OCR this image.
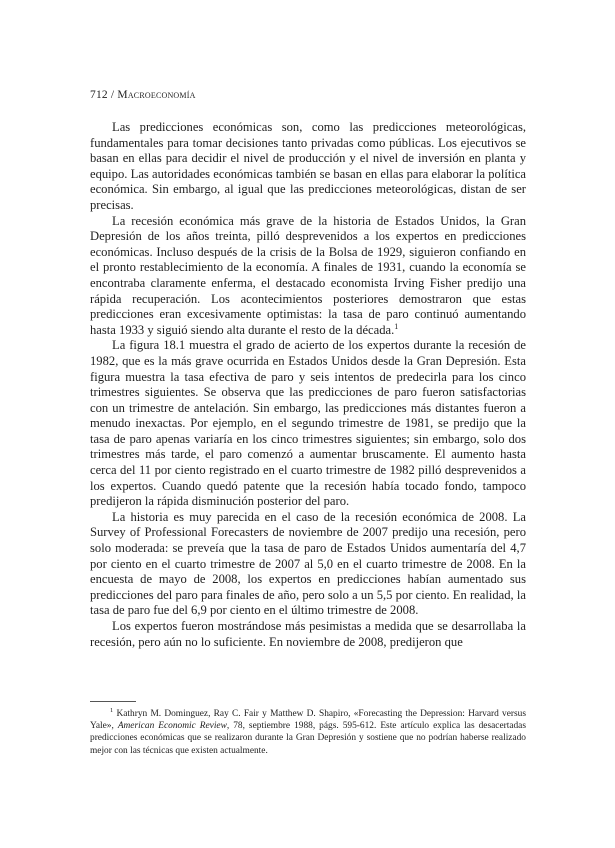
712 / Macroeconomía

Las predicciones económicas son, como las predicciones meteorológicas, fundamentales para tomar decisiones tanto privadas como públicas. Los ejecutivos se basan en ellas para decidir el nivel de producción y el nivel de inversión en planta y equipo. Las autoridades económicas también se basan en ellas para elaborar la política económica. Sin embargo, al igual que las predicciones meteorológicas, distan de ser precisas.

La recesión económica más grave de la historia de Estados Unidos, la Gran Depresión de los años treinta, pilló desprevenidos a los expertos en predicciones económicas. Incluso después de la crisis de la Bolsa de 1929, siguieron confiando en el pronto restablecimiento de la economía. A finales de 1931, cuando la economía se encontraba claramente enferma, el destacado economista Irving Fisher predijo una rápida recuperación. Los acontecimientos posteriores demostraron que estas predicciones eran excesivamente optimistas: la tasa de paro continuó aumentando hasta 1933 y siguió siendo alta durante el resto de la década.$^1$

La figura 18.1 muestra el grado de acierto de los expertos durante la recesión de 1982, que es la más grave ocurrida en Estados Unidos desde la Gran Depresión. Esta figura muestra la tasa efectiva de paro y seis intentos de predecirla para los cinco trimestres siguientes. Se observa que las predicciones de paro fueron satisfactorias con un trimestre de antelación. Sin embargo, las predicciones más distantes fueron a menudo inexactas. Por ejemplo, en el segundo trimestre de 1981, se predijo que la tasa de paro apenas variaría en los cinco trimestres siguientes; sin embargo, solo dos trimestres más tarde, el paro comenzó a aumentar bruscamente. El aumento hasta cerca del 11 por ciento registrado en el cuarto trimestre de 1982 pilló desprevenidos a los expertos. Cuando quedó patente que la recesión había tocado fondo, tampoco predijeron la rápida disminución posterior del paro.

La historia es muy parecida en el caso de la recesión económica de 2008. La Survey of Professional Forecasters de noviembre de 2007 predijo una recesión, pero solo moderada: se preveía que la tasa de paro de Estados Unidos aumentaría del 4,7 por ciento en el cuarto trimestre de 2007 al 5,0 en el cuarto trimestre de 2008. En la encuesta de mayo de 2008, los expertos en predicciones habían aumentado sus predicciones del paro para finales de año, pero solo a un 5,5 por ciento. En realidad, la tasa de paro fue del 6,9 por ciento en el último trimestre de 2008.

Los expertos fueron mostrándose más pesimistas a medida que se desarrollaba la recesión, pero aún no lo suficiente. En noviembre de 2008, predijeron que

$^1$ Kathryn M. Dominguez, Ray C. Fair y Matthew D. Shapiro, «Forecasting the Depression: Harvard versus Yale», American Economic Review, 78, septiembre 1988, págs. 595-612. Este artículo explica las desacertadas predicciones económicas que se realizaron durante la Gran Depresión y sostiene que no podrían haberse realizado mejor con las técnicas que existen actualmente.
